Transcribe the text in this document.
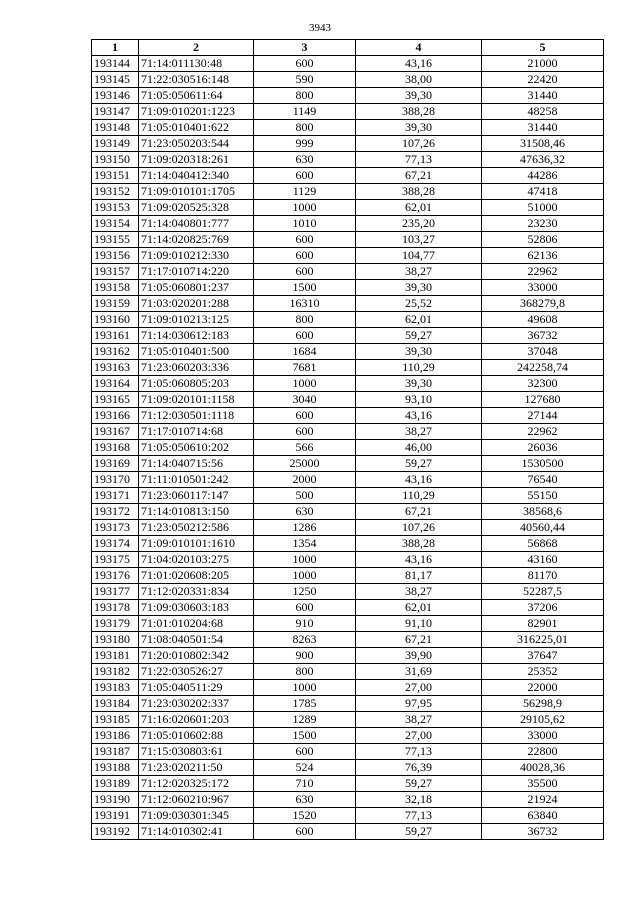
3943
1	2	3	4	5
193144	71:14:011130:48	600	43,16	21000
193145	71:22:030516:148	590	38,00	22420
193146	71:05:050611:64	800	39,30	31440
193147	71:09:010201:1223	1149	388,28	48258
193148	71:05:010401:622	800	39,30	31440
193149	71:23:050203:544	999	107,26	31508,46
193150	71:09:020318:261	630	77,13	47636,32
193151	71:14:040412:340	600	67,21	44286
193152	71:09:010101:1705	1129	388,28	47418
193153	71:09:020525:328	1000	62,01	51000
193154	71:14:040801:777	1010	235,20	23230
193155	71:14:020825:769	600	103,27	52806
193156	71:09:010212:330	600	104,77	62136
193157	71:17:010714:220	600	38,27	22962
193158	71:05:060801:237	1500	39,30	33000
193159	71:03:020201:288	16310	25,52	368279,8
193160	71:09:010213:125	800	62,01	49608
193161	71:14:030612:183	600	59,27	36732
193162	71:05:010401:500	1684	39,30	37048
193163	71:23:060203:336	7681	110,29	242258,74
193164	71:05:060805:203	1000	39,30	32300
193165	71:09:020101:1158	3040	93,10	127680
193166	71:12:030501:1118	600	43,16	27144
193167	71:17:010714:68	600	38,27	22962
193168	71:05:050610:202	566	46,00	26036
193169	71:14:040715:56	25000	59,27	1530500
193170	71:11:010501:242	2000	43,16	76540
193171	71:23:060117:147	500	110,29	55150
193172	71:14:010813:150	630	67,21	38568,6
193173	71:23:050212:586	1286	107,26	40560,44
193174	71:09:010101:1610	1354	388,28	56868
193175	71:04:020103:275	1000	43,16	43160
193176	71:01:020608:205	1000	81,17	81170
193177	71:12:020331:834	1250	38,27	52287,5
193178	71:09:030603:183	600	62,01	37206
193179	71:01:010204:68	910	91,10	82901
193180	71:08:040501:54	8263	67,21	316225,01
193181	71:20:010802:342	900	39,90	37647
193182	71:22:030526:27	800	31,69	25352
193183	71:05:040511:29	1000	27,00	22000
193184	71:23:030202:337	1785	97,95	56298,9
193185	71:16:020601:203	1289	38,27	29105,62
193186	71:05:010602:88	1500	27,00	33000
193187	71:15:030803:61	600	77,13	22800
193188	71:23:020211:50	524	76,39	40028,36
193189	71:12:020325:172	710	59,27	35500
193190	71:12:060210:967	630	32,18	21924
193191	71:09:030301:345	1520	77,13	63840
193192	71:14:010302:41	600	59,27	36732
